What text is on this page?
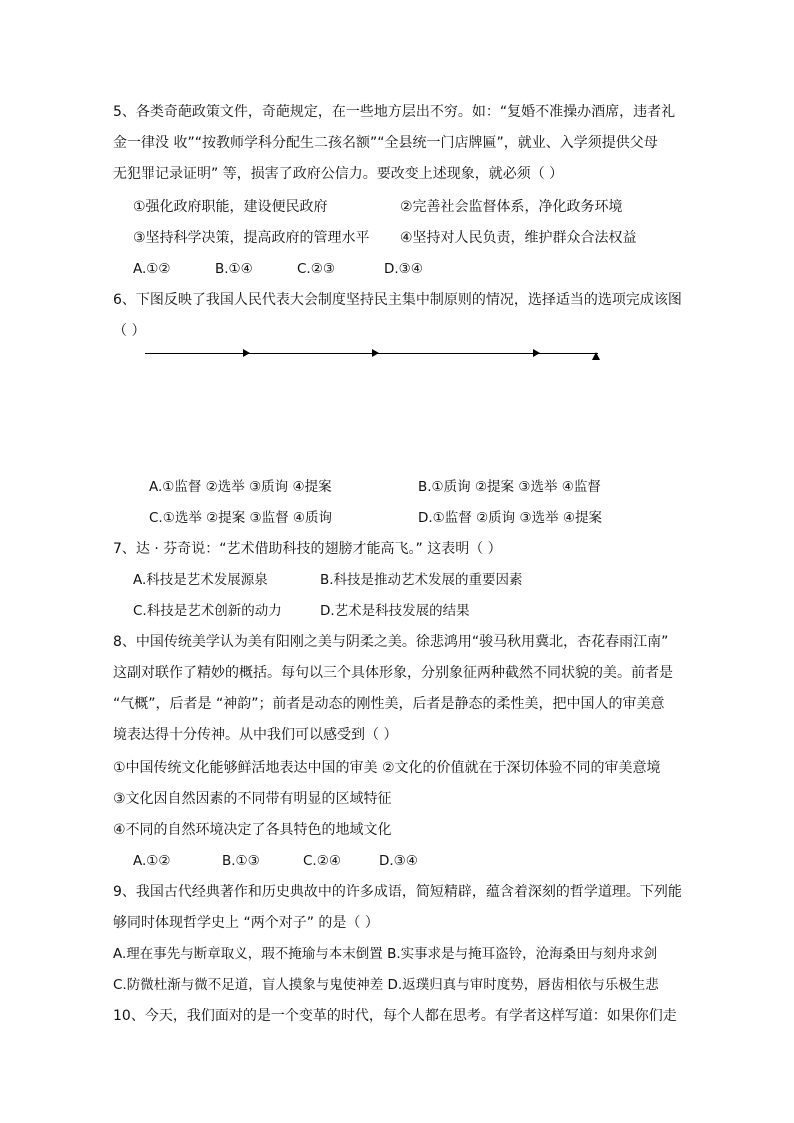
5、各类奇葩政策文件，奇葩规定，在一些地方层出不穷。如：“复婚不准操办酒席，违者礼
金一律没 收”“按教师学科分配生二孩名额”“全县统一门店牌匾”，就业、入学须提供父母
无犯罪记录证明” 等，损害了政府公信力。要改变上述现象，就必须（ ）
①强化政府职能，建设便民政府	②完善社会监督体系，净化政务环境
③坚持科学决策，提高政府的管理水平 ④坚持对人民负责，维护群众合法权益
A.①②	B.①④	C.②③	D.③④
6、下图反映了我国人民代表大会制度坚持民主集中制原则的情况，选择适当的选项完成该图
（ ）
A.①监督 ②选举 ③质询 ④提案	B.①质询 ②提案 ③选举 ④监督
C.①选举 ②提案 ③监督 ④质询	D.①监督 ②质询 ③选举 ④提案
7、达 · 芬奇说：“艺术借助科技的翅膀才能高飞。” 这表明（ ）
A.科技是艺术发展源泉	B.科技是推动艺术发展的重要因素
C.科技是艺术创新的动力	D.艺术是科技发展的结果
8、中国传统美学认为美有阳刚之美与阴柔之美。徐悲鸿用“骏马秋用冀北，杏花春雨江南”
这副对联作了精妙的概括。每句以三个具体形象，分别象征两种截然不同状貌的美。前者是
“气概”，后者是 “神韵”；前者是动态的刚性美，后者是静态的柔性美，把中国人的审美意
境表达得十分传神。从中我们可以感受到（ ）
①中国传统文化能够鲜活地表达中国的审美 ②文化的价值就在于深切体验不同的审美意境
③文化因自然因素的不同带有明显的区域特征
④不同的自然环境决定了各具特色的地域文化
A.①②	B.①③	C.②④	D.③④
9、我国古代经典著作和历史典故中的许多成语，简短精辟，蕴含着深刻的哲学道理。下列能
够同时体现哲学史上 “两个对子” 的是（ ）
A.理在事先与断章取义，瑕不掩瑜与本末倒置 B.实事求是与掩耳盗铃，沧海桑田与刻舟求剑
C.防微杜渐与微不足道，盲人摸象与鬼使神差 D.返璞归真与审时度势，唇齿相依与乐极生悲
10、今天，我们面对的是一个变革的时代，每个人都在思考。有学者这样写道：如果你们走
